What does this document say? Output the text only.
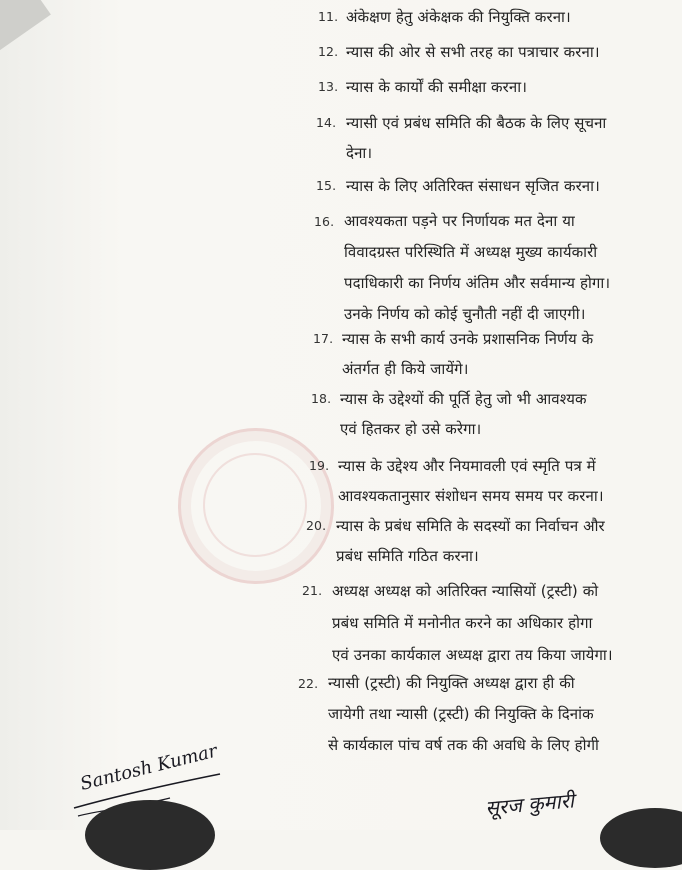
11. अंकेक्षण हेतु अंकेक्षक की नियुक्ति करना।
12. न्यास की ओर से सभी तरह का पत्राचार करना।
13. न्यास के कार्यों की समीक्षा करना।
14. न्यासी एवं प्रबंध समिति की बैठक के लिए सूचना
देना।
15. न्यास के लिए अतिरिक्त संसाधन सृजित करना।
16. आवश्यकता पड़ने पर निर्णायक मत देना या
विवादग्रस्त परिस्थिति में अध्यक्ष मुख्य कार्यकारी
पदाधिकारी का निर्णय अंतिम और सर्वमान्य होगा।
उनके निर्णय को कोई चुनौती नहीं दी जाएगी।
17. न्यास के सभी कार्य उनके प्रशासनिक निर्णय के
अंतर्गत ही किये जायेंगे।
18. न्यास के उद्देश्यों की पूर्ति हेतु जो भी आवश्यक
एवं हितकर हो उसे करेगा।
19. न्यास के उद्देश्य और नियमावली एवं स्मृति पत्र में
आवश्यकतानुसार संशोधन समय समय पर करना।
20. न्यास के प्रबंध समिति के सदस्यों का निर्वाचन और
प्रबंध समिति गठित करना।
21. अध्यक्ष अध्यक्ष को अतिरिक्त न्यासियों (ट्रस्टी) को
प्रबंध समिति में मनोनीत करने का अधिकार होगा
एवं उनका कार्यकाल अध्यक्ष द्वारा तय किया जायेगा।
22. न्यासी (ट्रस्टी) की नियुक्ति अध्यक्ष द्वारा ही की
जायेगी तथा न्यासी (ट्रस्टी) की नियुक्ति के दिनांक
से कार्यकाल पांच वर्ष तक की अवधि के लिए होगी
Santosh Kumar
सूरज कुमारी
